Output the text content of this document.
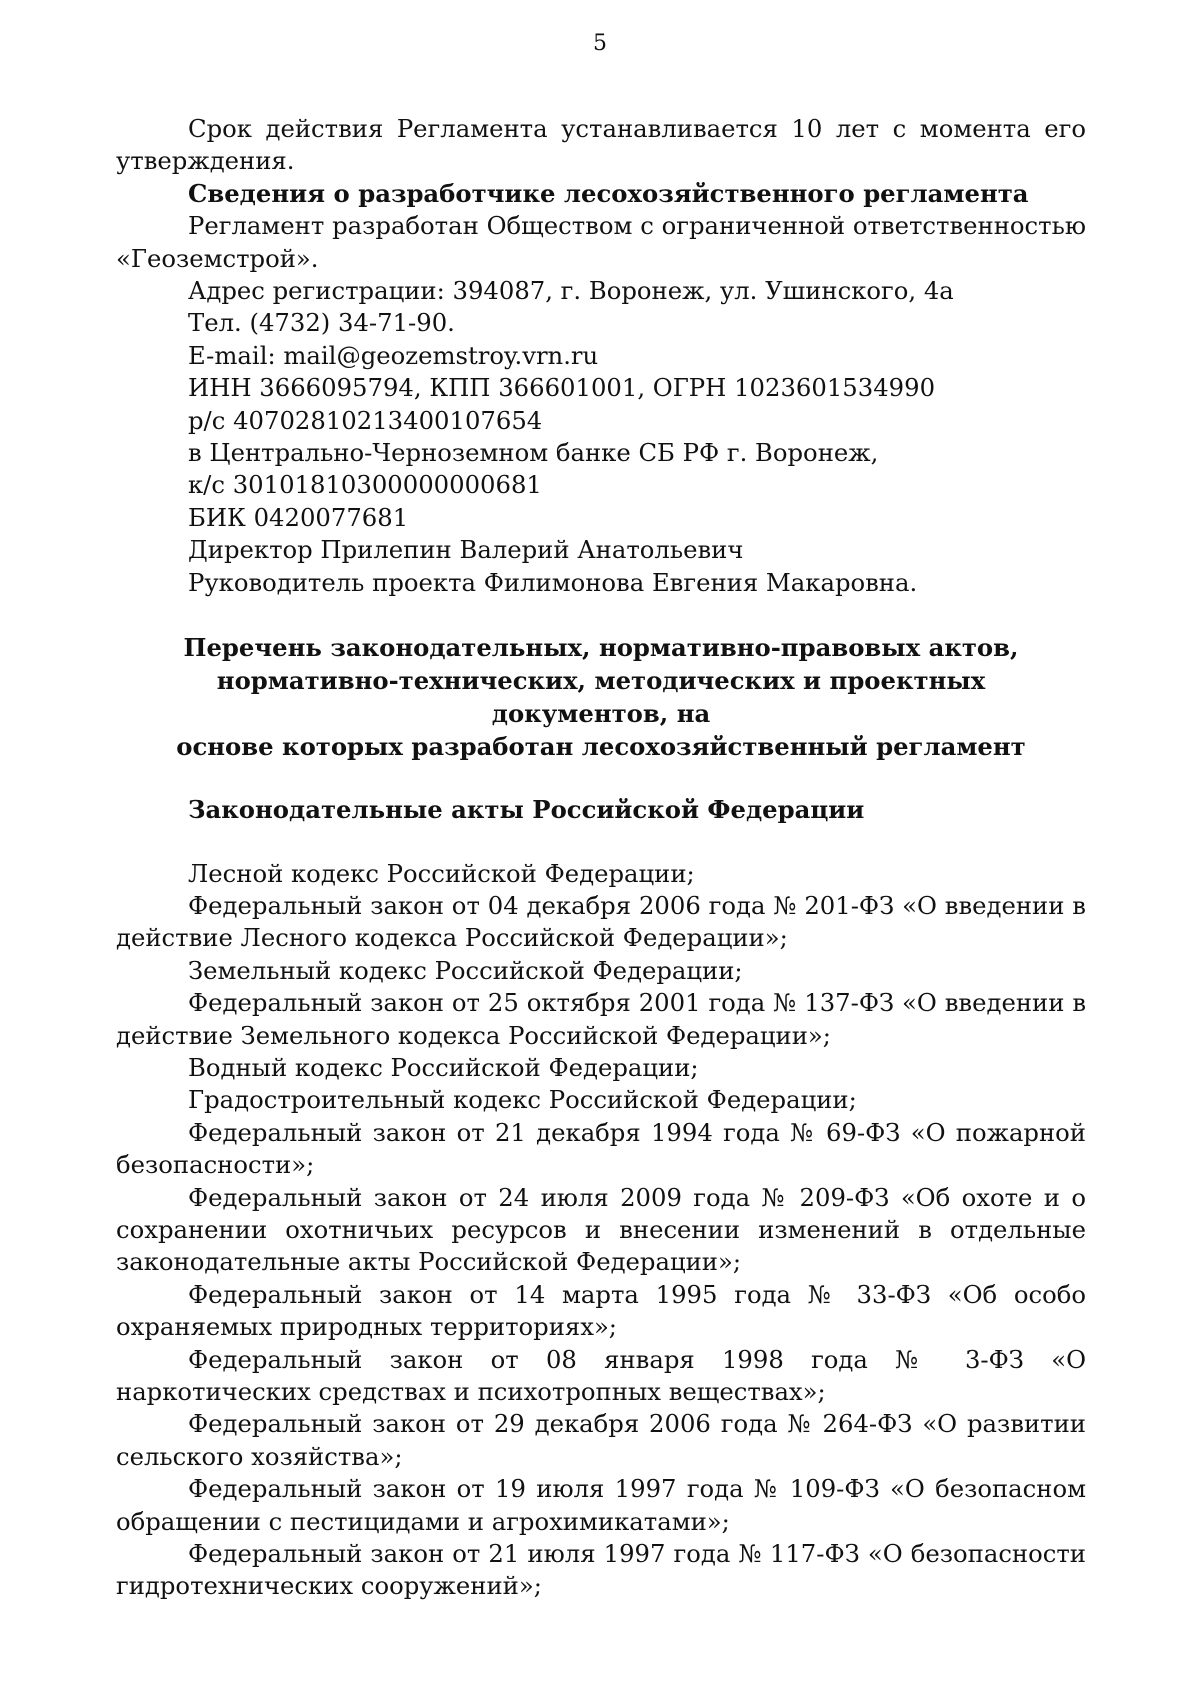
5

Срок действия Регламента устанавливается 10 лет с момента его утверждения.

Сведения о разработчике лесохозяйственного регламента

Регламент разработан Обществом с ограниченной ответственностью «Геоземстрой».

Адрес регистрации: 394087, г. Воронеж, ул. Ушинского, 4а

Тел. (4732) 34-71-90.

E-mail: mail@geozemstroy.vrn.ru

ИНН 3666095794, КПП 366601001, ОГРН 1023601534990

р/с 40702810213400107654

в Центрально-Черноземном банке СБ РФ г. Воронеж,

к/с 30101810300000000681

БИК 0420077681

Директор Прилепин Валерий Анатольевич

Руководитель проекта Филимонова Евгения Макаровна.

Перечень законодательных, нормативно-правовых актов,
нормативно-технических, методических и проектных документов, на
основе которых разработан лесохозяйственный регламент

Законодательные акты Российской Федерации

Лесной кодекс Российской Федерации;

Федеральный закон от 04 декабря 2006 года № 201-ФЗ «О введении в действие Лесного кодекса Российской Федерации»;

Земельный кодекс Российской Федерации;

Федеральный закон от 25 октября 2001 года № 137-ФЗ «О введении в действие Земельного кодекса Российской Федерации»;

Водный кодекс Российской Федерации;

Градостроительный кодекс Российской Федерации;

Федеральный закон от 21 декабря 1994 года № 69-ФЗ «О пожарной безопасности»;

Федеральный закон от 24 июля 2009 года № 209-ФЗ «Об охоте и о сохранении охотничьих ресурсов и внесении изменений в отдельные законодательные акты Российской Федерации»;

Федеральный закон от 14 марта 1995 года № 33-ФЗ «Об особо охраняемых природных территориях»;

Федеральный закон от 08 января 1998 года № 3-ФЗ «О наркотических средствах и психотропных веществах»;

Федеральный закон от 29 декабря 2006 года № 264-ФЗ «О развитии сельского хозяйства»;

Федеральный закон от 19 июля 1997 года № 109-ФЗ «О безопасном обращении с пестицидами и агрохимикатами»;

Федеральный закон от 21 июля 1997 года № 117-ФЗ «О безопасности гидротехнических сооружений»;
